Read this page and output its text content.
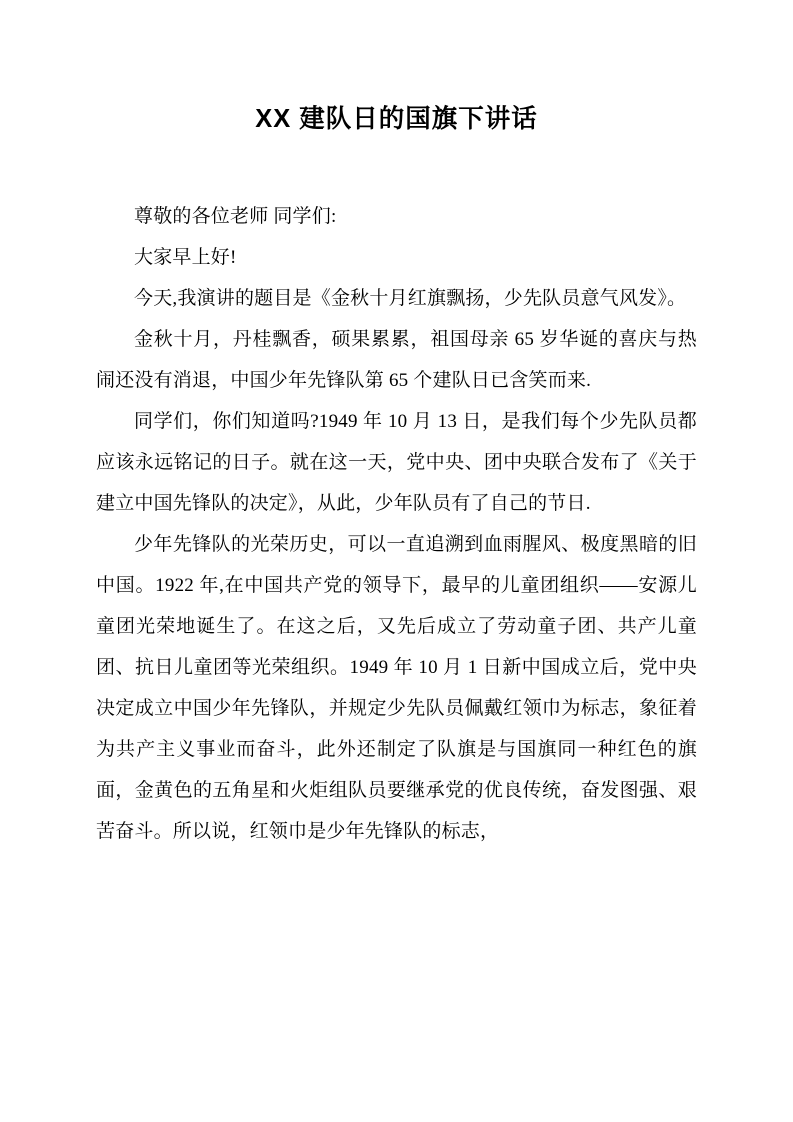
XX 建队日的国旗下讲话

尊敬的各位老师 同学们:

大家早上好!

今天,我演讲的题目是《金秋十月红旗飘扬，少先队员意气风发》。

金秋十月，丹桂飘香，硕果累累，祖国母亲 65 岁华诞的喜庆与热闹还没有消退，中国少年先锋队第 65 个建队日已含笑而来.

同学们，你们知道吗?1949 年 10 月 13 日，是我们每个少先队员都应该永远铭记的日子。就在这一天，党中央、团中央联合发布了《关于建立中国先锋队的决定》，从此，少年队员有了自己的节日.

少年先锋队的光荣历史，可以一直追溯到血雨腥风、极度黑暗的旧中国。1922 年,在中国共产党的领导下，最早的儿童团组织——安源儿童团光荣地诞生了。在这之后，又先后成立了劳动童子团、共产儿童团、抗日儿童团等光荣组织。1949 年 10 月 1 日新中国成立后，党中央决定成立中国少年先锋队，并规定少先队员佩戴红领巾为标志，象征着为共产主义事业而奋斗，此外还制定了队旗是与国旗同一种红色的旗面，金黄色的五角星和火炬组队员要继承党的优良传统，奋发图强、艰苦奋斗。所以说，红领巾是少年先锋队的标志，
